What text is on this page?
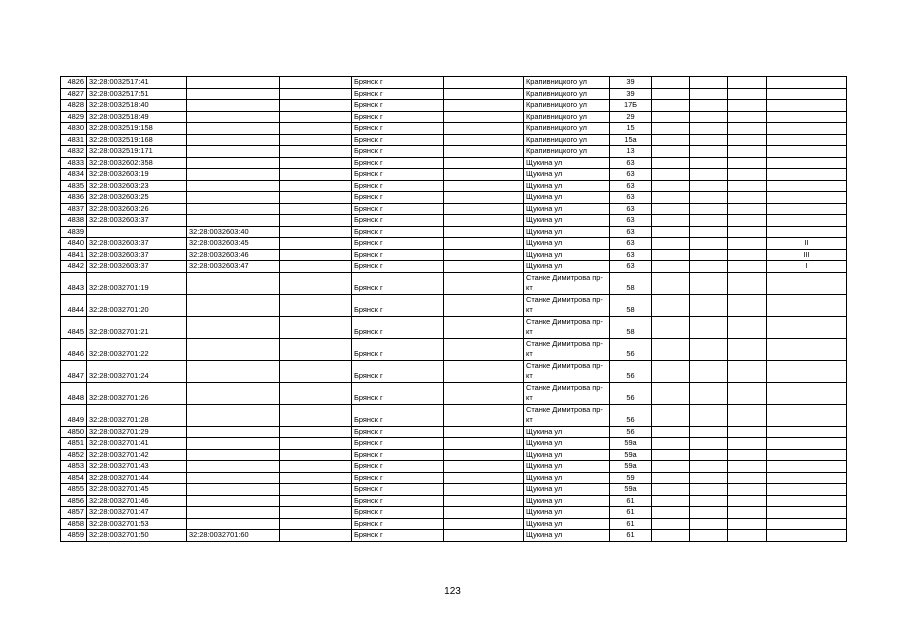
4826	32:28:0032517:41			Брянск г		Крапивницкого ул	39				
4827	32:28:0032517:51			Брянск г		Крапивницкого ул	39				
4828	32:28:0032518:40			Брянск г		Крапивницкого ул	17Б				
4829	32:28:0032518:49			Брянск г		Крапивницкого ул	29				
4830	32:28:0032519:158			Брянск г		Крапивницкого ул	15				
4831	32:28:0032519:168			Брянск г		Крапивницкого ул	15а				
4832	32:28:0032519:171			Брянск г		Крапивницкого ул	13				
4833	32:28:0032602:358			Брянск г		Щукина ул	63				
4834	32:28:0032603:19			Брянск г		Щукина ул	63				
4835	32:28:0032603:23			Брянск г		Щукина ул	63				
4836	32:28:0032603:25			Брянск г		Щукина ул	63				
4837	32:28:0032603:26			Брянск г		Щукина ул	63				
4838	32:28:0032603:37			Брянск г		Щукина ул	63				
4839		32:28:0032603:40		Брянск г		Щукина ул	63				
4840	32:28:0032603:37	32:28:0032603:45		Брянск г		Щукина ул	63				II
4841	32:28:0032603:37	32:28:0032603:46		Брянск г		Щукина ул	63				III
4842	32:28:0032603:37	32:28:0032603:47		Брянск г		Щукина ул	63				I
4843	32:28:0032701:19			Брянск г		Станке Димитрова пр-кт	58				
4844	32:28:0032701:20			Брянск г		Станке Димитрова пр-кт	58				
4845	32:28:0032701:21			Брянск г		Станке Димитрова пр-кт	58				
4846	32:28:0032701:22			Брянск г		Станке Димитрова пр-кт	56				
4847	32:28:0032701:24			Брянск г		Станке Димитрова пр-кт	56				
4848	32:28:0032701:26			Брянск г		Станке Димитрова пр-кт	56				
4849	32:28:0032701:28			Брянск г		Станке Димитрова пр-кт	56				
4850	32:28:0032701:29			Брянск г		Щукина ул	56				
4851	32:28:0032701:41			Брянск г		Щукина ул	59а				
4852	32:28:0032701:42			Брянск г		Щукина ул	59а				
4853	32:28:0032701:43			Брянск г		Щукина ул	59а				
4854	32:28:0032701:44			Брянск г		Щукина ул	59				
4855	32:28:0032701:45			Брянск г		Щукина ул	59а				
4856	32:28:0032701:46			Брянск г		Щукина ул	61				
4857	32:28:0032701:47			Брянск г		Щукина ул	61				
4858	32:28:0032701:53			Брянск г		Щукина ул	61				
4859	32:28:0032701:50	32:28:0032701:60		Брянск г		Щукина ул	61				
123
